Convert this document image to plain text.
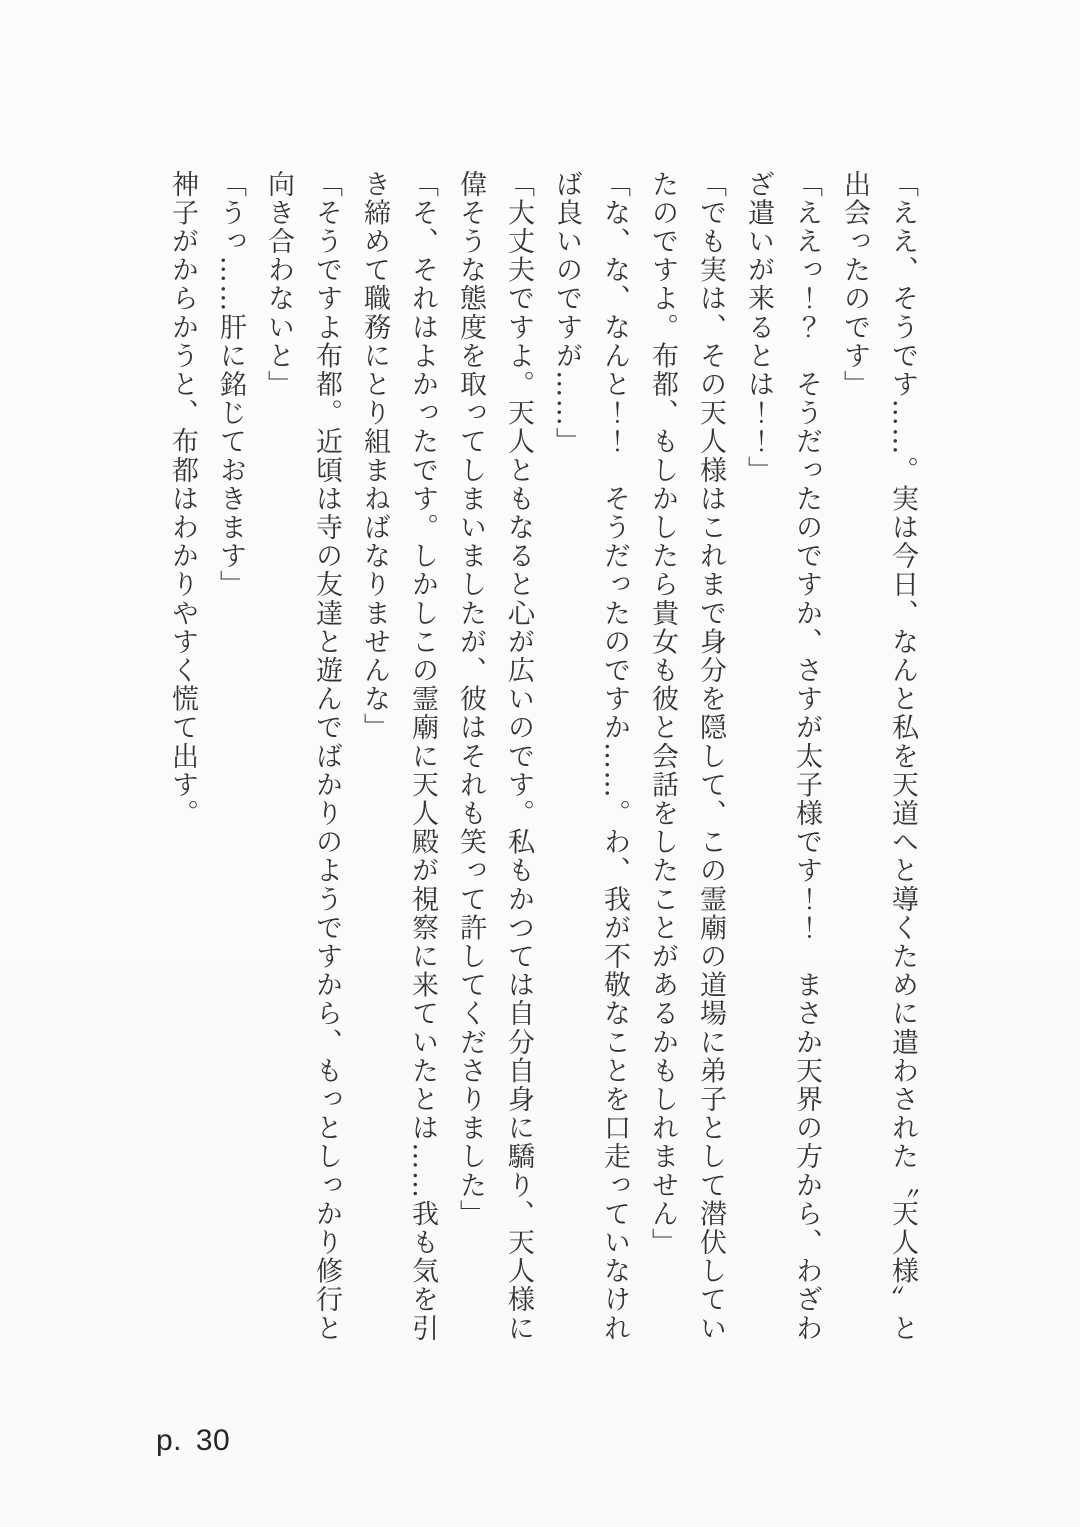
「ええ、そうです……。実は今日、なんと私を天道へと導くために遣わされた〝天人様〟と

出会ったのです」

「ええっ！？　そうだったのですか、さすが太子様です！！　まさか天界の方から、わざわ

ざ遣いが来るとは！！」

「でも実は、その天人様はこれまで身分を隠して、この霊廟の道場に弟子として潜伏してい

たのですよ。布都、もしかしたら貴女も彼と会話をしたことがあるかもしれません」

「な、な、なんと！！　そうだったのですか……。わ、我が不敬なことを口走っていなけれ

ば良いのですが……」

「大丈夫ですよ。天人ともなると心が広いのです。私もかつては自分自身に驕り、天人様に

偉そうな態度を取ってしまいましたが、彼はそれも笑って許してくださりました」

「そ、それはよかったです。しかしこの霊廟に天人殿が視察に来ていたとは……我も気を引

き締めて職務にとり組まねばなりませんな」

「そうですよ布都。近頃は寺の友達と遊んでばかりのようですから、もっとしっかり修行と

向き合わないと」

「うっ……肝に銘じておきます」

神子がからかうと、布都はわかりやすく慌て出す。

p. 30
